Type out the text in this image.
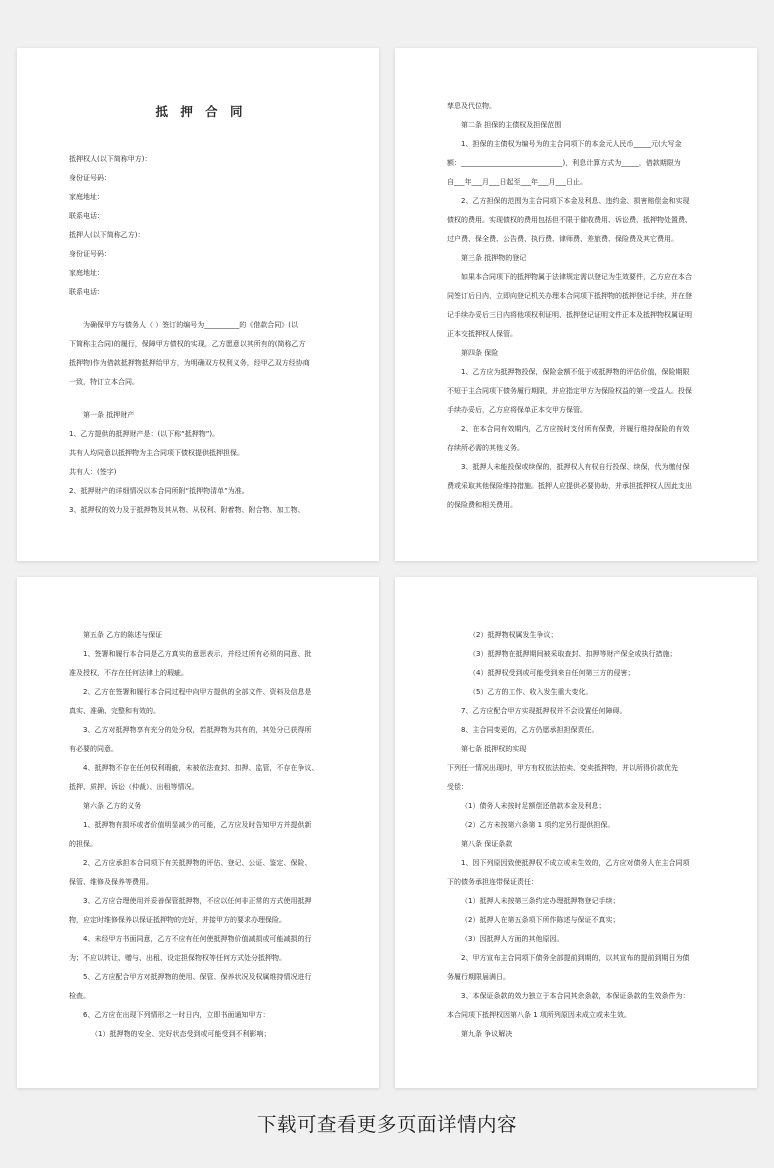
抵 押 合 同
抵押权人(以下简称甲方)：
身份证号码：
家庭地址：
联系电话：
抵押人(以下简称乙方)：
身份证号码：
家庭地址：
联系电话：
为确保甲方与债务人（ ）签订的编号为__________的《借款合同》(以
下简称主合同)的履行，保障甲方债权的实现，乙方愿意以其所有的(简称乙方
抵押物)作为借款抵押物抵押给甲方，为明确双方权利义务，经甲乙双方经协商
一致，特订立本合同。
第一条 抵押财产
1、乙方提供的抵押财产是：(以下称“抵押物”)。
共有人均同意以抵押物为主合同项下债权提供抵押担保。
共有人：(签字)
2、抵押财产的详细情况以本合同所附“抵押物清单”为准。
3、抵押权的效力及于抵押物及其从物、从权利、附着物、附合物、加工物、
孳息及代位物。
第二条 担保的主债权及担保范围
1、担保的主债权为编号为的主合同项下的本金元人民币_____元(大写金
额：_____________________________)，利息计算方式为_____，借款期限为
自___年___月___日起至___年___月___日止。
2、乙方担保的范围为主合同项下本金及利息、违约金、损害赔偿金和实现
债权的费用。实现债权的费用包括但不限于催收费用、诉讼费、抵押物处置费、
过户费、保全费、公告费、执行费、律师费、差旅费、保险费及其它费用。
第三条 抵押物的登记
如果本合同项下的抵押物属于法律规定需以登记为生效要件，乙方应在本合
同签订后日内，立即向登记机关办理本合同项下抵押物的抵押登记手续，并在登
记手续办妥后三日内将他项权利证明、抵押登记证明文件正本及抵押物权属证明
正本交抵押权人保管。
第四条 保险
1、乙方应为抵押物投保，保险金额不低于或抵押物的评估价值，保险期限
不短于主合同项下债务履行期限，并应指定甲方为保险权益的第一受益人。投保
手续办妥后，乙方应将保单正本交甲方保管。
2、在本合同有效期内，乙方应按时支付所有保费，并履行维持保险的有效
存续所必需的其他义务。
3、抵押人未能投保或续保的，抵押权人有权自行投保、续保，代为缴付保
费或采取其他保险维持措施。抵押人应提供必要协助，并承担抵押权人因此支出
的保险费和相关费用。
第五条 乙方的陈述与保证
1、签署和履行本合同是乙方真实的意思表示，并经过所有必须的同意、批
准及授权，不存在任何法律上的瑕疵。
2、乙方在签署和履行本合同过程中向甲方提供的全部文件、资料及信息是
真实、准确、完整和有效的。
3、乙方对抵押物享有充分的处分权，若抵押物为共有的，其处分已获得所
有必要的同意。
4、抵押物不存在任何权利瑕疵，未被依法查封、扣押、监管，不存在争议、
抵押、质押、诉讼（仲裁）、出租等情况。
第六条 乙方的义务
1、抵押物有损坏或者价值明显减少的可能，乙方应及时告知甲方并提供新
的担保。
2、乙方应承担本合同项下有关抵押物的评估、登记、公证、鉴定、保险、
保管、维修及保养等费用。
3、乙方应合理使用并妥善保管抵押物，不应以任何非正常的方式使用抵押
物，应定时维修保养以保证抵押物的完好，并接甲方的要求办理保险。
4、未经甲方书面同意，乙方不应有任何使抵押物价值减损或可能减损的行
为；不应以转让、赠与、出租、设定担保物权等任何方式处分抵押物。
5、乙方应配合甲方对抵押物的使用、保管、保养状况及权属维持情况进行
检查。
6、乙方应在出现下列情形之一时日内，立即书面通知甲方：
（1）抵押物的安全、完好状态受到或可能受到不利影响；
（2）抵押物权属发生争议；
（3）抵押物在抵押期间被采取查封、扣押等财产保全或执行措施；
（4）抵押权受到或可能受到来自任何第三方的侵害；
（5）乙方的工作、收入发生重大变化。
7、乙方应配合甲方实现抵押权并不会设置任何障碍。
8、主合同变更的，乙方仍愿承担担保责任。
第七条 抵押权的实现
下列任一情况出现时，甲方有权依法拍卖、变卖抵押物，并以所得价款优先
受偿：
（1）债务人未按时足额偿还借款本金及利息；
（2）乙方未按第六条第 1 项约定另行提供担保。
第八条 保证条款
1、因下列原因致使抵押权不成立或未生效的，乙方应对债务人在主合同项
下的债务承担连带保证责任：
（1）抵押人未按第三条约定办理抵押物登记手续；
（2）抵押人在第五条项下所作陈述与保证不真实；
（3）因抵押人方面的其他原因。
2、甲方宣布主合同项下债务全部提前到期的，以其宣布的提前到期日为债
务履行期限届满日。
3、本保证条款的效力独立于本合同其余条款，本保证条款的生效条件为：
本合同项下抵押权因第八条 1 项所列原因未成立或未生效。
第九条 争议解决
下载可查看更多页面详情内容
